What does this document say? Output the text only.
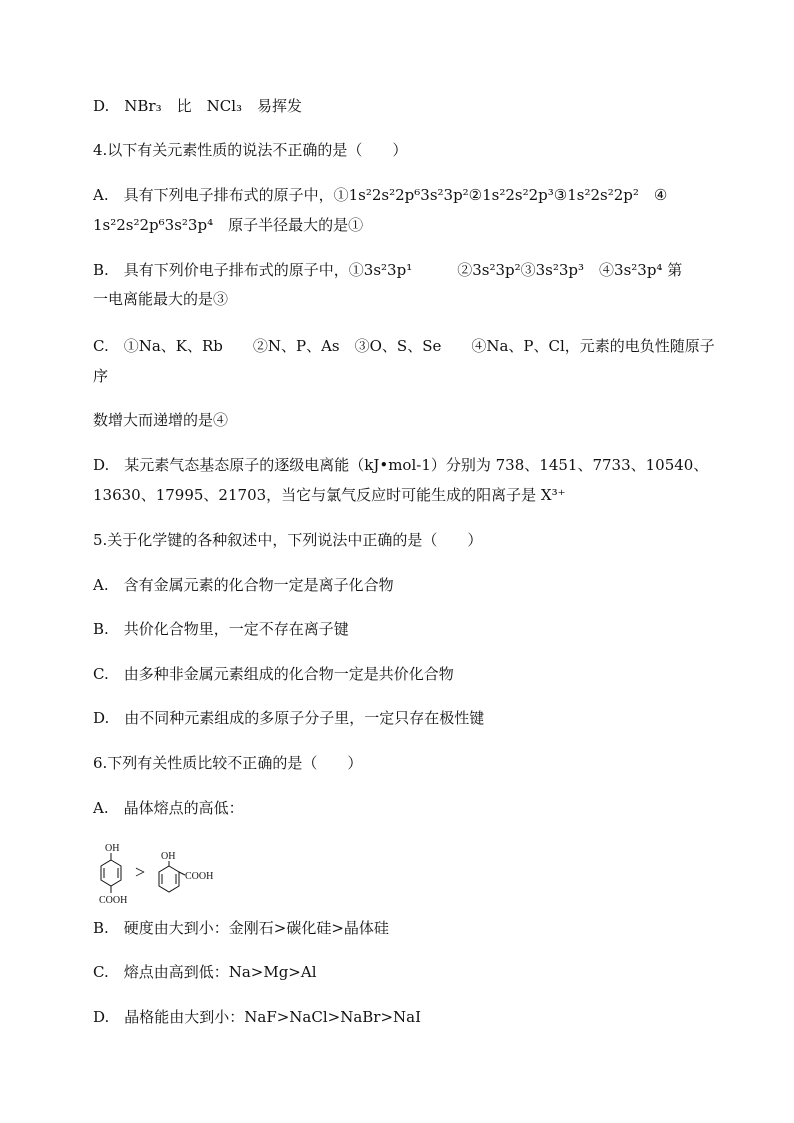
D.　NBr₃　比　NCl₃　易挥发
4.以下有关元素性质的说法不正确的是（　　）
A.　具有下列电子排布式的原子中，①1s²2s²2p⁶3s²3p²②1s²2s²2p³③1s²2s²2p²　④
1s²2s²2p⁶3s²3p⁴　原子半径最大的是①
B.　具有下列价电子排布式的原子中，①3s²3p¹　　　②3s²3p²③3s²3p³　④3s²3p⁴ 第
一电离能最大的是③
C.　①Na、K、Rb　　②N、P、As　③O、S、Se　　④Na、P、Cl，元素的电负性随原子
序
数增大而递增的是④
D.　某元素气态基态原子的逐级电离能（kJ•mol-1）分别为 738、1451、7733、10540、
13630、17995、21703，当它与氯气反应时可能生成的阳离子是 X³⁺
5.关于化学键的各种叙述中，下列说法中正确的是（　　）
A.　含有金属元素的化合物一定是离子化合物
B.　共价化合物里，一定不存在离子键
C.　由多种非金属元素组成的化合物一定是共价化合物
D.　由不同种元素组成的多原子分子里，一定只存在极性键
6.下列有关性质比较不正确的是（　　）
A.　晶体熔点的高低：
OH
COOH
>
OH
COOH
B.　硬度由大到小：金刚石>碳化硅>晶体硅
C.　熔点由高到低：Na>Mg>Al
D.　晶格能由大到小：NaF>NaCl>NaBr>NaI
